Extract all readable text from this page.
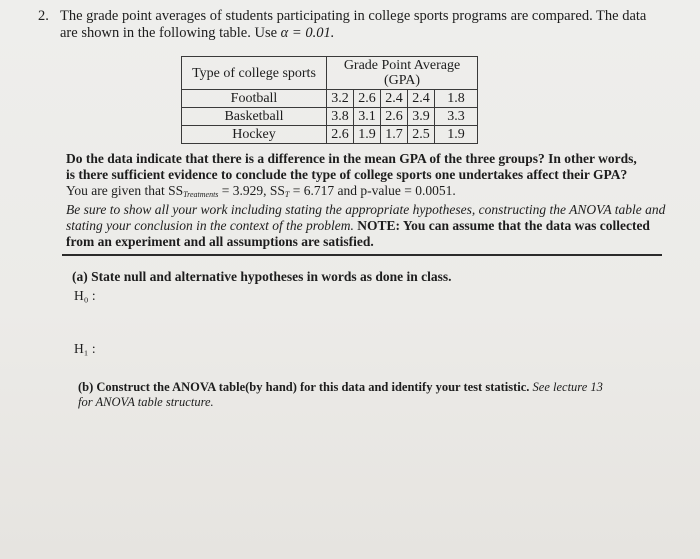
2. The grade point averages of students participating in college sports programs are compared. The data
are shown in the following table. Use α = 0.01.
Type of college sports	Grade Point Average (GPA)				
Football	3.2	2.6	2.4	2.4	1.8
Basketball	3.8	3.1	2.6	3.9	3.3
Hockey	2.6	1.9	1.7	2.5	1.9
Do the data indicate that there is a difference in the mean GPA of the three groups? In other words,
is there sufficient evidence to conclude the type of college sports one undertakes affect their GPA?
You are given that $SS_{Treatments} = 3.929$, $SS_T = 6.717$ and p-value = 0.0051.
Be sure to show all your work including stating the appropriate hypotheses, constructing the ANOVA table and
stating your conclusion in the context of the problem. NOTE: You can assume that the data was collected
from an experiment and all assumptions are satisfied.
(a) State null and alternative hypotheses in words as done in class.
H₀ :
H₁ :
(b) Construct the ANOVA table(by hand) for this data and identify your test statistic. See lecture 13
for ANOVA table structure.
